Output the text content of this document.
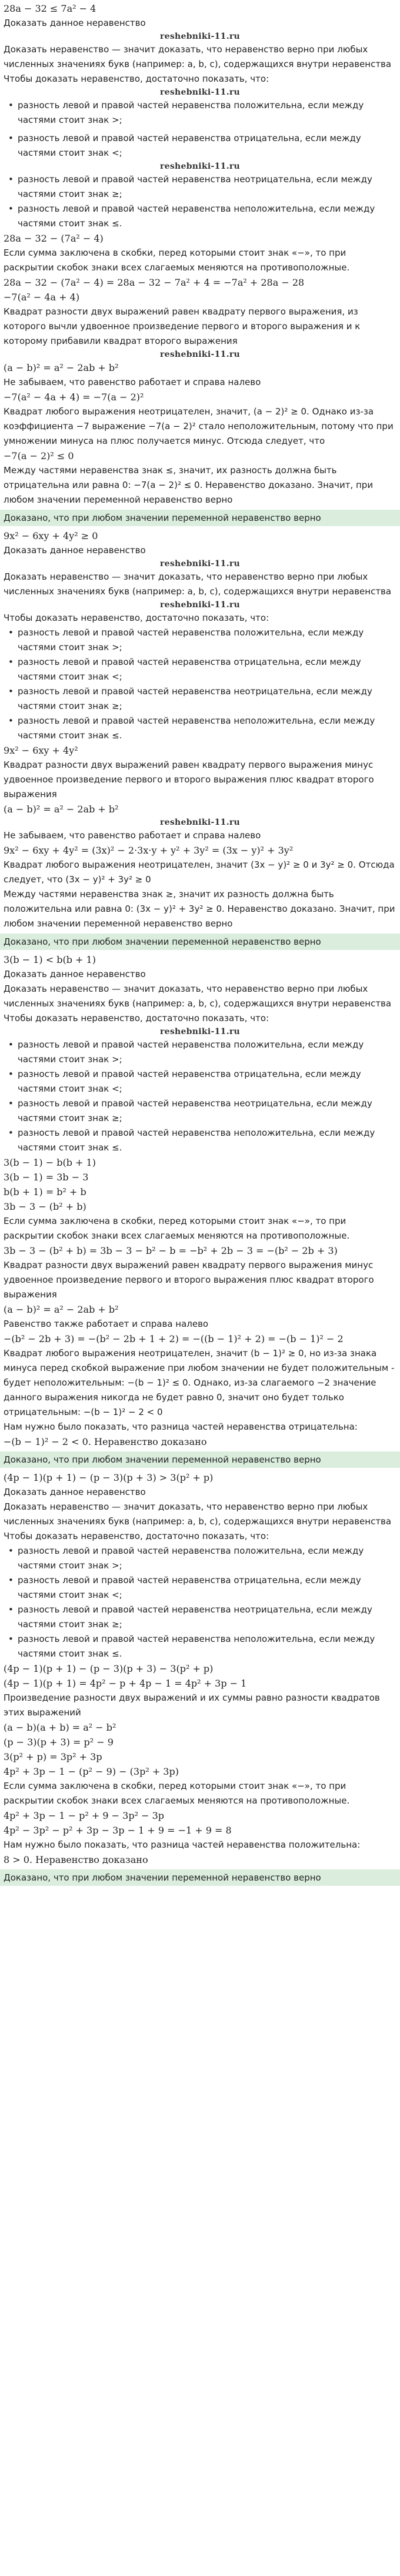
28a − 32 ≤ 7a² − 4

Доказать данное неравенство

reshebniki-11.ru

Доказать неравенство — значит доказать, что неравенство верно при любых численных значениях букв (например: a, b, c), содержащихся внутри неравенства

Чтобы доказать неравенство, достаточно показать, что:

reshebniki-11.ru

• разность левой и правой частей неравенства положительна, если между частями стоит знак >;

• разность левой и правой частей неравенства отрицательна, если между частями стоит знак <;

reshebniki-11.ru

• разность левой и правой частей неравенства неотрицательна, если между частями стоит знак ≥;

• разность левой и правой частей неравенства неположительна, если между частями стоит знак ≤.

28a − 32 − (7a² − 4)

Если сумма заключена в скобки, перед которыми стоит знак «−», то при раскрытии скобок знаки всех слагаемых меняются на противоположные.

28a − 32 − (7a² − 4) = 28a − 32 − 7a² + 4 = −7a² + 28a − 28

−7(a² − 4a + 4)

Квадрат разности двух выражений равен квадрату первого выражения, из которого вычли удвоенное произведение первого и второго выражения и к которому прибавили квадрат второго выражения

reshebniki-11.ru

(a − b)² = a² − 2ab + b²

Не забываем, что равенство работает и справа налево

−7(a² − 4a + 4) = −7(a − 2)²

Квадрат любого выражения неотрицателен, значит, (a − 2)² ≥ 0. Однако из-за коэффициента −7 выражение −7(a − 2)² стало неположительным, потому что при умножении минуса на плюс получается минус. Отсюда следует, что

−7(a − 2)² ≤ 0

Между частями неравенства знак ≤, значит, их разность должна быть отрицательна или равна 0: −7(a − 2)² ≤ 0. Неравенство доказано. Значит, при любом значении переменной неравенство верно

Доказано, что при любом значении переменной неравенство верно

9x² − 6xy + 4y² ≥ 0

Доказать данное неравенство

reshebniki-11.ru

Доказать неравенство — значит доказать, что неравенство верно при любых численных значениях букв (например: a, b, c), содержащихся внутри неравенства

reshebniki-11.ru

Чтобы доказать неравенство, достаточно показать, что:

• разность левой и правой частей неравенства положительна, если между частями стоит знак >;

• разность левой и правой частей неравенства отрицательна, если между частями стоит знак <;

• разность левой и правой частей неравенства неотрицательна, если между частями стоит знак ≥;

• разность левой и правой частей неравенства неположительна, если между частями стоит знак ≤.

9x² − 6xy + 4y²

Квадрат разности двух выражений равен квадрату первого выражения минус удвоенное произведение первого и второго выражения плюс квадрат второго выражения

(a − b)² = a² − 2ab + b²

reshebniki-11.ru

Не забываем, что равенство работает и справа налево

9x² − 6xy + 4y² = (3x)² − 2·3x·y + y² + 3y² = (3x − y)² + 3y²

Квадрат любого выражения неотрицателен, значит (3x − y)² ≥ 0 и 3y² ≥ 0. Отсюда следует, что (3x − y)² + 3y² ≥ 0

Между частями неравенства знак ≥, значит их разность должна быть положительна или равна 0: (3x − y)² + 3y² ≥ 0. Неравенство доказано. Значит, при любом значении переменной неравенство верно

Доказано, что при любом значении переменной неравенство верно

3(b − 1) < b(b + 1)

Доказать данное неравенство

Доказать неравенство — значит доказать, что неравенство верно при любых численных значениях букв (например: a, b, c), содержащихся внутри неравенства

Чтобы доказать неравенство, достаточно показать, что:

reshebniki-11.ru

• разность левой и правой частей неравенства положительна, если между частями стоит знак >;

• разность левой и правой частей неравенства отрицательна, если между частями стоит знак <;

• разность левой и правой частей неравенства неотрицательна, если между частями стоит знак ≥;

• разность левой и правой частей неравенства неположительна, если между частями стоит знак ≤.

3(b − 1) − b(b + 1)

3(b − 1) = 3b − 3

b(b + 1) = b² + b

3b − 3 − (b² + b)

Если сумма заключена в скобки, перед которыми стоит знак «−», то при раскрытии скобок знаки всех слагаемых меняются на противоположные.

3b − 3 − (b² + b) = 3b − 3 − b² − b = −b² + 2b − 3 = −(b² − 2b + 3)

Квадрат разности двух выражений равен квадрату первого выражения минус удвоенное произведение первого и второго выражения плюс квадрат второго выражения

(a − b)² = a² − 2ab + b²

Равенство также работает и справа налево

−(b² − 2b + 3) = −(b² − 2b + 1 + 2) = −((b − 1)² + 2) = −(b − 1)² − 2

Квадрат любого выражения неотрицателен, значит (b − 1)² ≥ 0, но из-за знака минуса перед скобкой выражение при любом значении не будет положительным - будет неположительным: −(b − 1)² ≤ 0. Однако, из-за слагаемого −2 значение данного выражения никогда не будет равно 0, значит оно будет только отрицательным: −(b − 1)² − 2 < 0

Нам нужно было показать, что разница частей неравенства отрицательна:

−(b − 1)² − 2 < 0. Неравенство доказано

Доказано, что при любом значении переменной неравенство верно

(4p − 1)(p + 1) − (p − 3)(p + 3) > 3(p² + p)

Доказать данное неравенство

Доказать неравенство — значит доказать, что неравенство верно при любых численных значениях букв (например: a, b, c), содержащихся внутри неравенства

Чтобы доказать неравенство, достаточно показать, что:

• разность левой и правой частей неравенства положительна, если между частями стоит знак >;

• разность левой и правой частей неравенства отрицательна, если между частями стоит знак <;

• разность левой и правой частей неравенства неотрицательна, если между частями стоит знак ≥;

• разность левой и правой частей неравенства неположительна, если между частями стоит знак ≤.

(4p − 1)(p + 1) − (p − 3)(p + 3) − 3(p² + p)

(4p − 1)(p + 1) = 4p² − p + 4p − 1 = 4p² + 3p − 1

Произведение разности двух выражений и их суммы равно разности квадратов этих выражений

(a − b)(a + b) = a² − b²

(p − 3)(p + 3) = p² − 9

3(p² + p) = 3p² + 3p

4p² + 3p − 1 − (p² − 9) − (3p² + 3p)

Если сумма заключена в скобки, перед которыми стоит знак «−», то при раскрытии скобок знаки всех слагаемых меняются на противоположные.

4p² + 3p − 1 − p² + 9 − 3p² − 3p

4p² − 3p² − p² + 3p − 3p − 1 + 9 = −1 + 9 = 8

Нам нужно было показать, что разница частей неравенства положительна:

8 > 0. Неравенство доказано

Доказано, что при любом значении переменной неравенство верно
